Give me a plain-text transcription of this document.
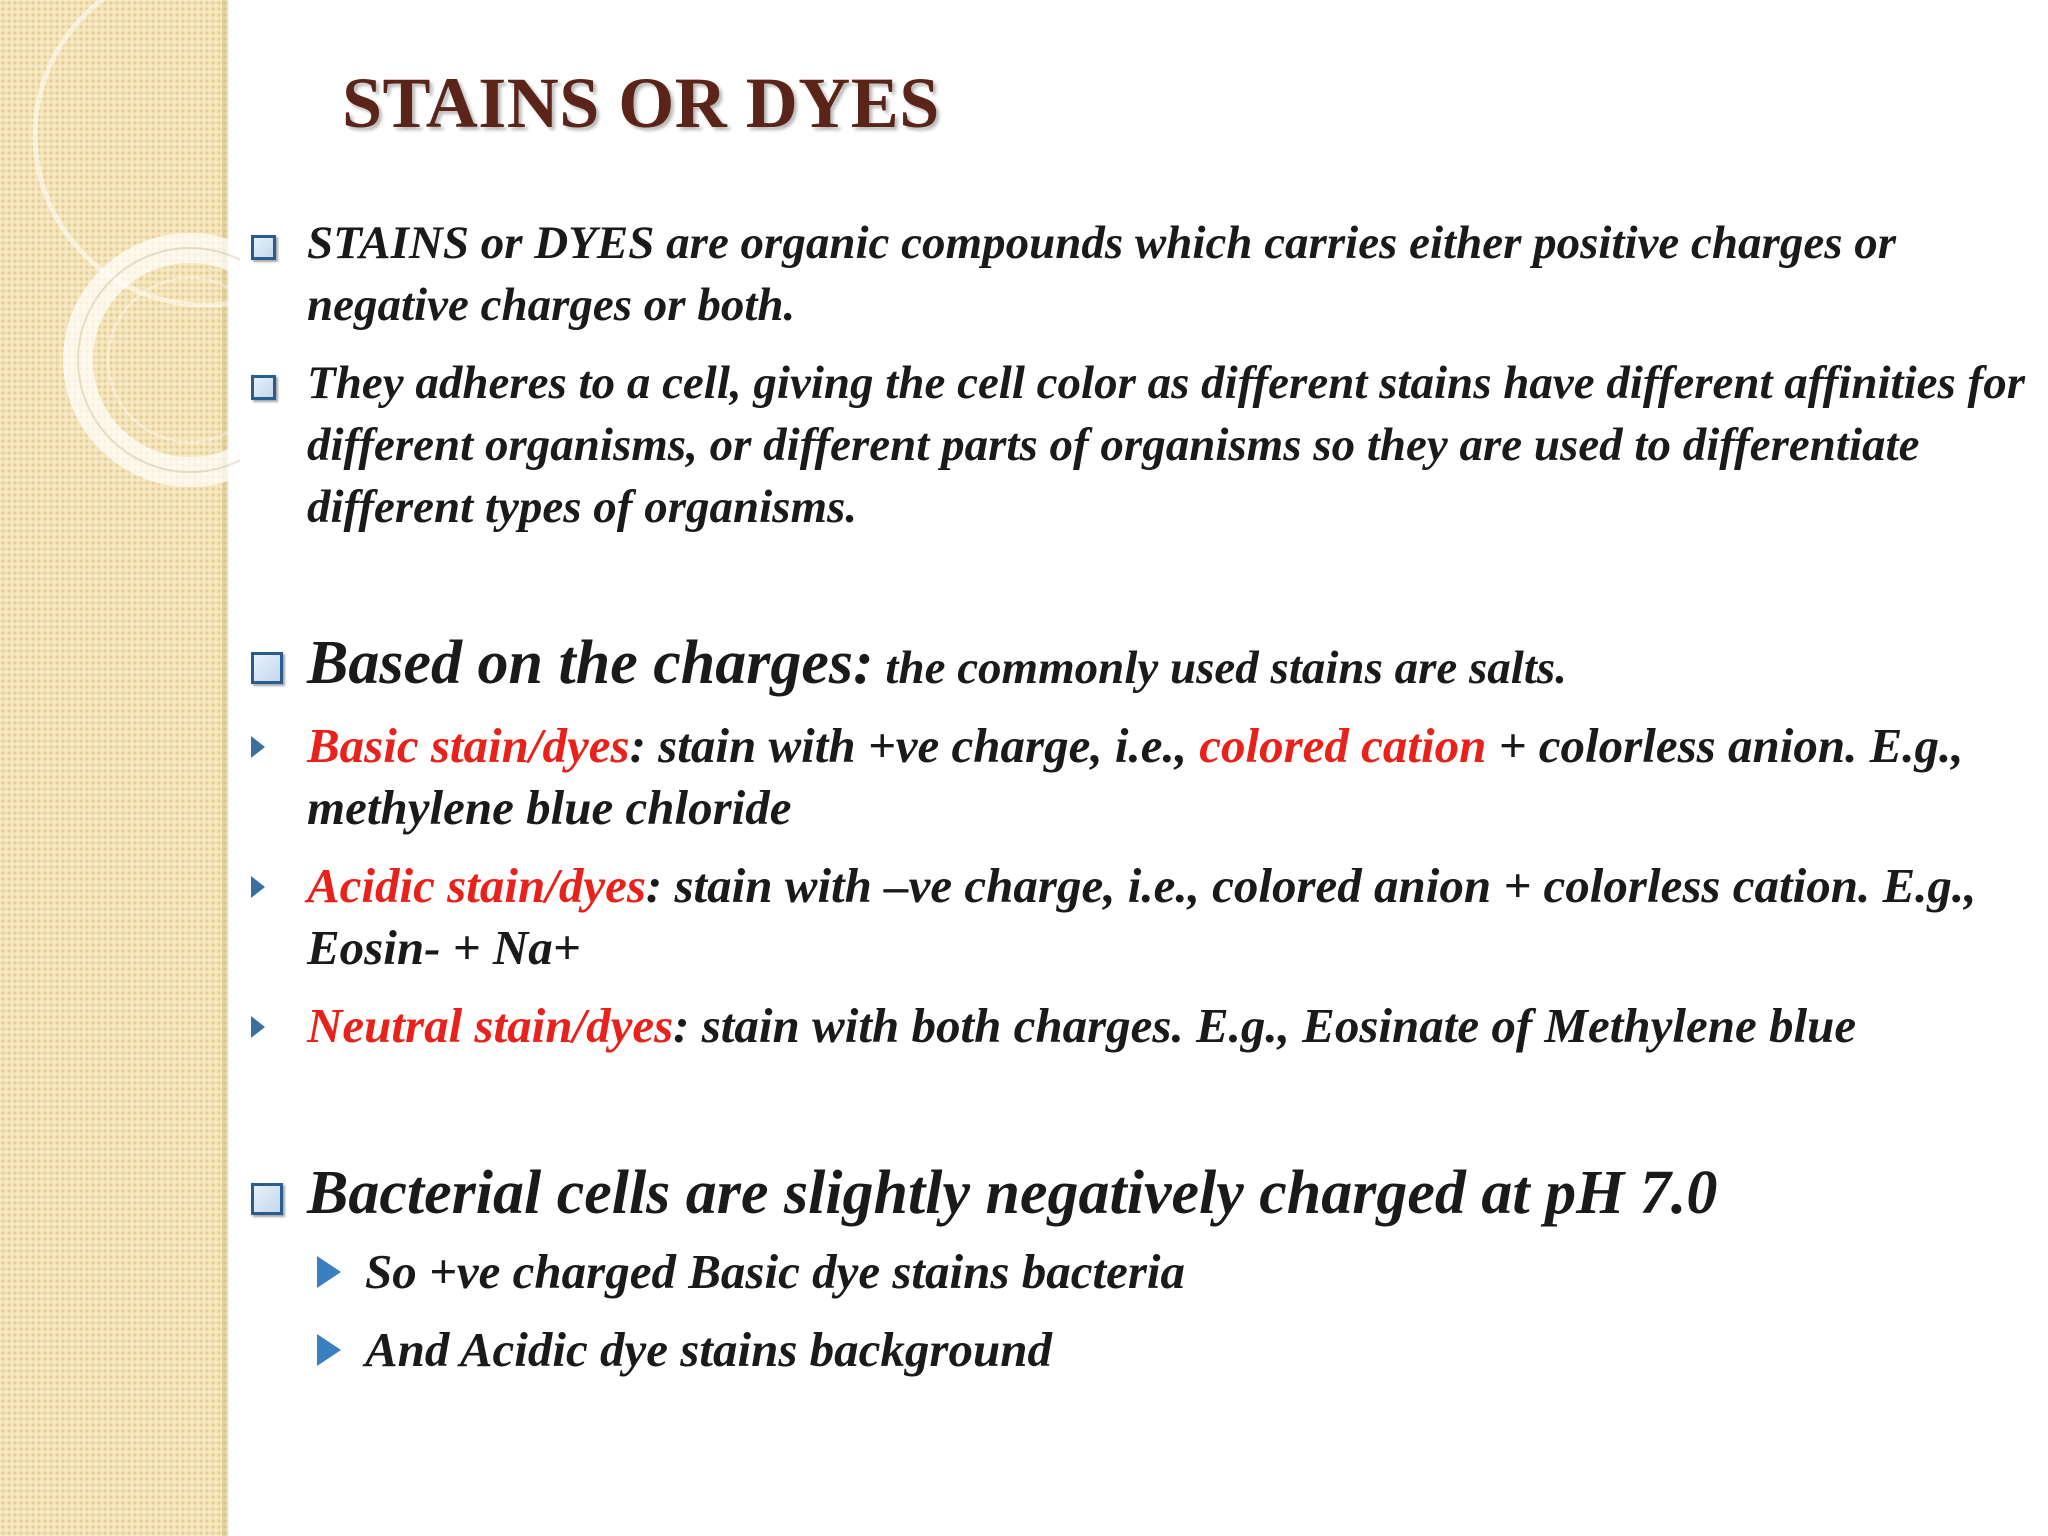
STAINS OR DYES
STAINS or DYES are organic compounds which carries either positive charges or negative charges or both.
They adheres to a cell, giving the cell color as different stains have different affinities for different organisms, or different parts of organisms so they are used to differentiate different types of organisms.
Based on the charges: the commonly used stains are salts.
Basic stain/dyes: stain with +ve charge, i.e., colored cation + colorless anion. E.g., methylene blue chloride
Acidic stain/dyes: stain with –ve charge, i.e., colored anion + colorless cation. E.g., Eosin- + Na+
Neutral stain/dyes: stain with both charges. E.g., Eosinate of Methylene blue
Bacterial cells are slightly negatively charged at pH 7.0
So +ve charged Basic dye stains bacteria
And Acidic dye stains background
